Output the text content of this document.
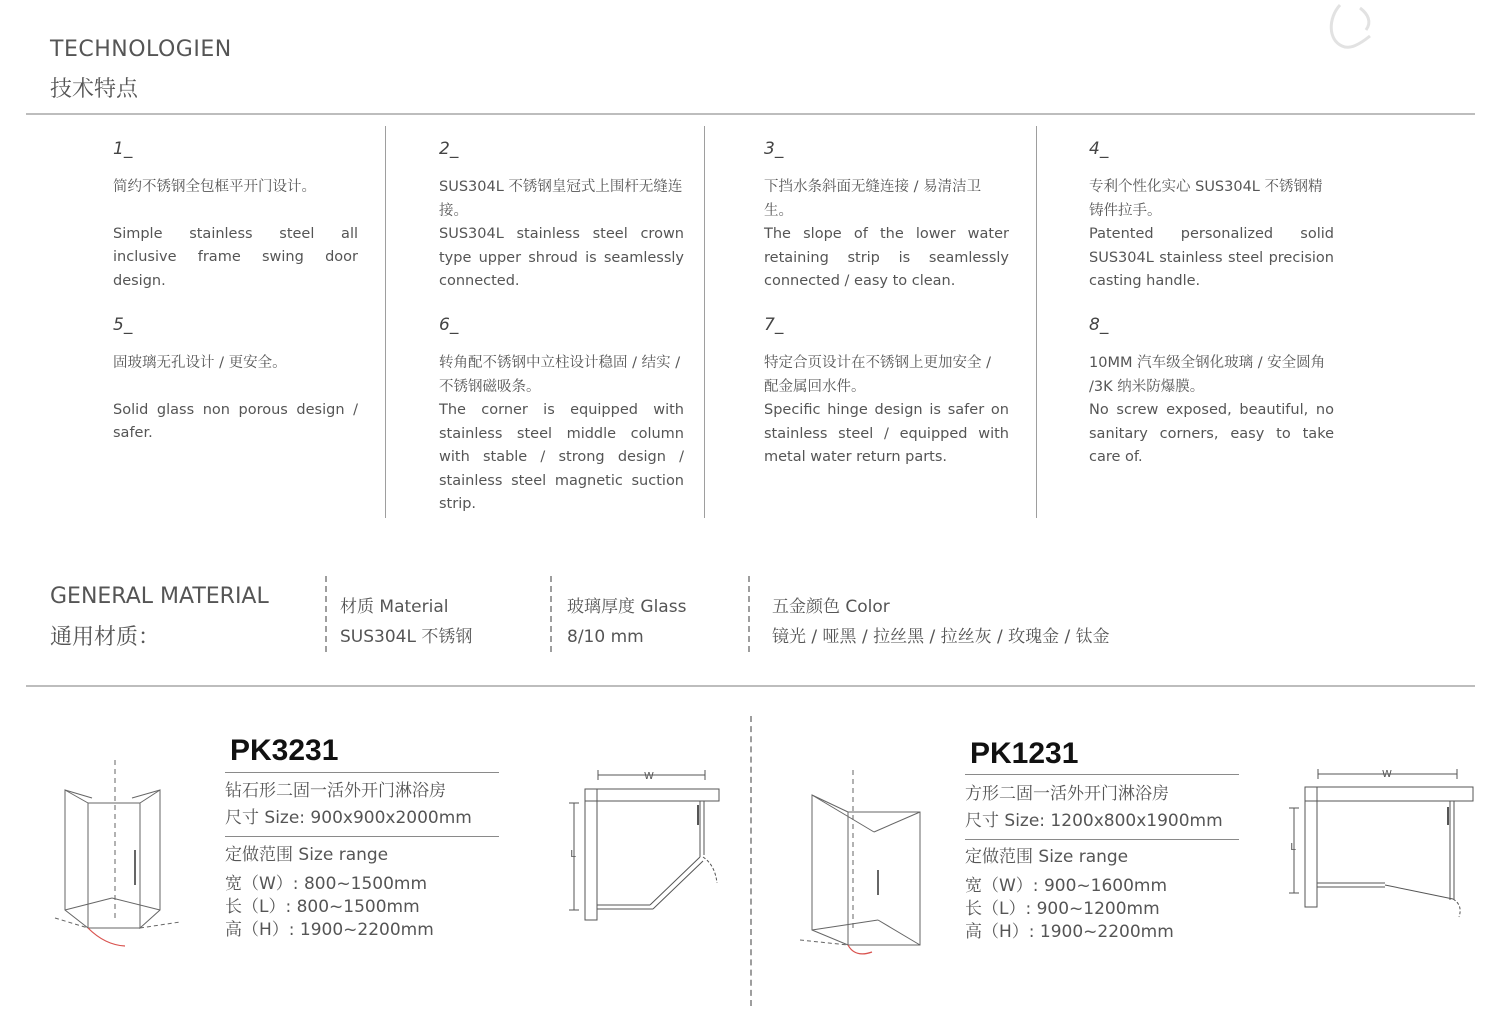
TECHNOLOGIEN
技术特点
1_
简约不锈钢全包框平开门设计。
Simple stainless steel all inclusive frame swing door design.
2_
SUS304L 不锈钢皇冠式上围杆无缝连接。
SUS304L stainless steel crown type upper shroud is seamlessly connected.
3_
下挡水条斜面无缝连接 / 易清洁卫生。
The slope of the lower water retaining strip is seamlessly connected / easy to clean.
4_
专利个性化实心 SUS304L 不锈钢精铸件拉手。
Patented personalized solid SUS304L stainless steel precision casting handle.
5_
固玻璃无孔设计 / 更安全。
Solid glass non porous design / safer.
6_
转角配不锈钢中立柱设计稳固 / 结实 / 不锈钢磁吸条。
The corner is equipped with stainless steel middle column with stable / strong design / stainless steel magnetic suction strip.
7_
特定合页设计在不锈钢上更加安全 / 配金属回水件。
Specific hinge design is safer on stainless steel / equipped with metal water return parts.
8_
10MM 汽车级全钢化玻璃 / 安全圆角 /3K 纳米防爆膜。
No screw exposed, beautiful, no sanitary corners, easy to take care of.
GENERAL MATERIAL
通用材质：
材质 Material
SUS304L 不锈钢
玻璃厚度 Glass
8/10 mm
五金颜色 Color
镜光 / 哑黑 / 拉丝黑 / 拉丝灰 / 玫瑰金 / 钛金
PK3231
钻石形二固一活外开门淋浴房
尺寸 Size: 900x900x2000mm
定做范围 Size range
宽（W）: 800~1500mm
长（L）: 800~1500mm
高（H）: 1900~2200mm
W
L
PK1231
方形二固一活外开门淋浴房
尺寸 Size: 1200x800x1900mm
定做范围 Size range
宽（W）: 900~1600mm
长（L）: 900~1200mm
高（H）: 1900~2200mm
W
L
